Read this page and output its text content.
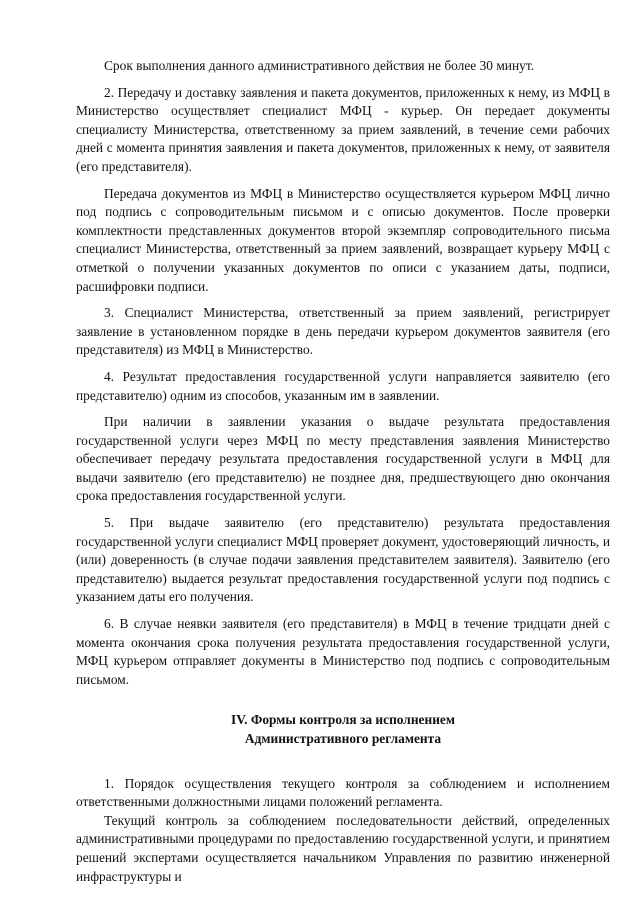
Срок выполнения данного административного действия не более 30 минут.

2. Передачу и доставку заявления и пакета документов, приложенных к нему, из МФЦ в Министерство осуществляет специалист МФЦ - курьер. Он передает документы специалисту Министерства, ответственному за прием заявлений, в течение семи рабочих дней с момента принятия заявления и пакета документов, приложенных к нему, от заявителя (его представителя).

Передача документов из МФЦ в Министерство осуществляется курьером МФЦ лично под подпись с сопроводительным письмом и с описью документов. После проверки комплектности представленных документов второй экземпляр сопроводительного письма специалист Министерства, ответственный за прием заявлений, возвращает курьеру МФЦ с отметкой о получении указанных документов по описи с указанием даты, подписи, расшифровки подписи.

3. Специалист Министерства, ответственный за прием заявлений, регистрирует заявление в установленном порядке в день передачи курьером документов заявителя (его представителя) из МФЦ в Министерство.

4. Результат предоставления государственной услуги направляется заявителю (его представителю) одним из способов, указанным им в заявлении.

При наличии в заявлении указания о выдаче результата предоставления государственной услуги через МФЦ по месту представления заявления Министерство обеспечивает передачу результата предоставления государственной услуги в МФЦ для выдачи заявителю (его представителю) не позднее дня, предшествующего дню окончания срока предоставления государственной услуги.

5. При выдаче заявителю (его представителю) результата предоставления государственной услуги специалист МФЦ проверяет документ, удостоверяющий личность, и (или) доверенность (в случае подачи заявления представителем заявителя). Заявителю (его представителю) выдается результат предоставления государственной услуги под подпись с указанием даты его получения.

6. В случае неявки заявителя (его представителя) в МФЦ в течение тридцати дней с момента окончания срока получения результата предоставления государственной услуги, МФЦ курьером отправляет документы в Министерство под подпись с сопроводительным письмом.

IV. Формы контроля за исполнением
Административного регламента

1. Порядок осуществления текущего контроля за соблюдением и исполнением ответственными должностными лицами положений регламента.

Текущий контроль за соблюдением последовательности действий, определенных административными процедурами по предоставлению государственной услуги, и принятием решений экспертами осуществляется начальником Управления по развитию инженерной инфраструктуры и
